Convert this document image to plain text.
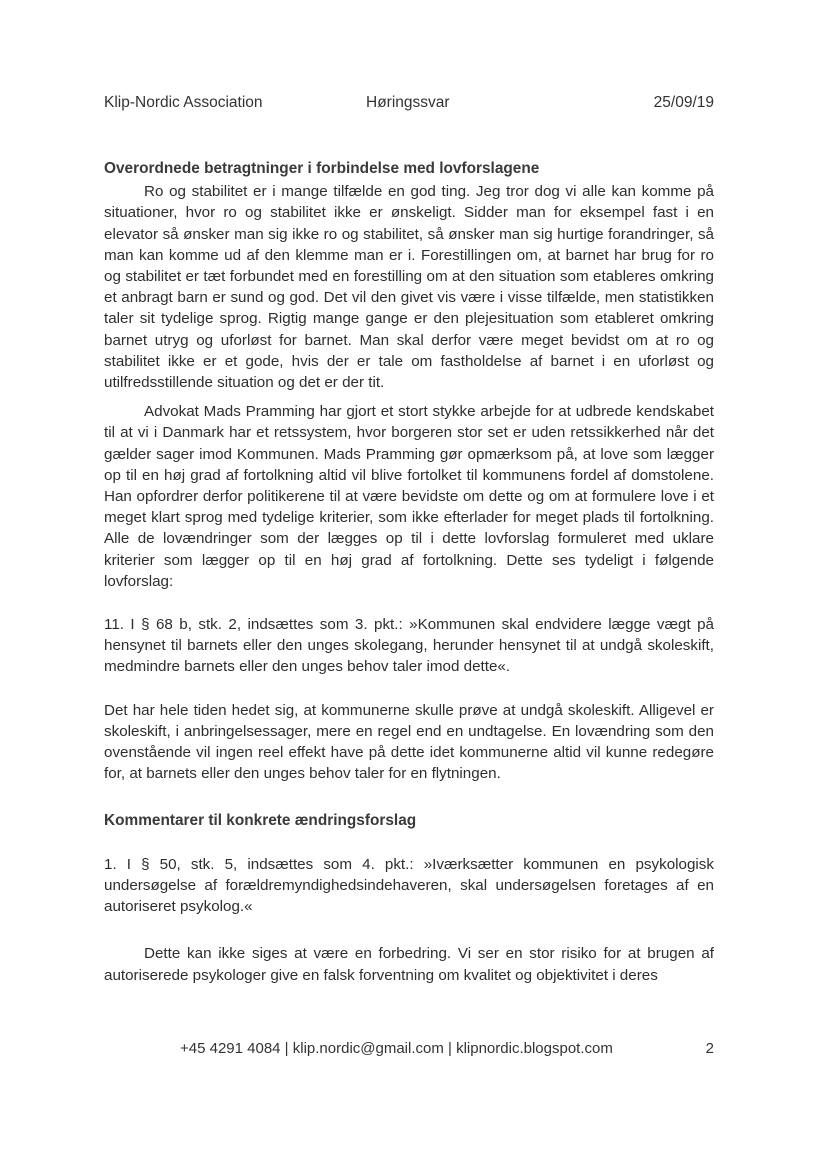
Klip-Nordic Association	Høringssvar	25/09/19
Overordnede betragtninger i forbindelse med lovforslagene

Ro og stabilitet er i mange tilfælde en god ting. Jeg tror dog vi alle kan komme på situationer, hvor ro og stabilitet ikke er ønskeligt. Sidder man for eksempel fast i en elevator så ønsker man sig ikke ro og stabilitet, så ønsker man sig hurtige forandringer, så man kan komme ud af den klemme man er i. Forestillingen om, at barnet har brug for ro og stabilitet er tæt forbundet med en forestilling om at den situation som etableres omkring et anbragt barn er sund og god. Det vil den givet vis være i visse tilfælde, men statistikken taler sit tydelige sprog. Rigtig mange gange er den plejesituation som etableret omkring barnet utryg og uforløst for barnet. Man skal derfor være meget bevidst om at ro og stabilitet ikke er et gode, hvis der er tale om fastholdelse af barnet i en uforløst og utilfredsstillende situation og det er der tit.

Advokat Mads Pramming har gjort et stort stykke arbejde for at udbrede kendskabet til at vi i Danmark har et retssystem, hvor borgeren stor set er uden retssikkerhed når det gælder sager imod Kommunen. Mads Pramming gør opmærksom på, at love som lægger op til en høj grad af fortolkning altid vil blive fortolket til kommunens fordel af domstolene. Han opfordrer derfor politikerene til at være bevidste om dette og om at formulere love i et meget klart sprog med tydelige kriterier, som ikke efterlader for meget plads til fortolkning. Alle de lovændringer som der lægges op til i dette lovforslag formuleret med uklare kriterier som lægger op til en høj grad af fortolkning. Dette ses tydeligt i følgende lovforslag:

11. I § 68 b, stk. 2, indsættes som 3. pkt.: »Kommunen skal endvidere lægge vægt på hensynet til barnets eller den unges skolegang, herunder hensynet til at undgå skoleskift, medmindre barnets eller den unges behov taler imod dette«.

Det har hele tiden hedet sig, at kommunerne skulle prøve at undgå skoleskift. Alligevel er skoleskift, i anbringelsessager, mere en regel end en undtagelse. En lovændring som den ovenstående vil ingen reel effekt have på dette idet kommunerne altid vil kunne redegøre for, at barnets eller den unges behov taler for en flytningen.

Kommentarer til konkrete ændringsforslag

1. I § 50, stk. 5, indsættes som 4. pkt.: »Iværksætter kommunen en psykologisk undersøgelse af forældremyndighedsindehaveren, skal undersøgelsen foretages af en autoriseret psykolog.«

Dette kan ikke siges at være en forbedring. Vi ser en stor risiko for at brugen af autoriserede psykologer give en falsk forventning om kvalitet og objektivitet i deres

+45 4291 4084 | klip.nordic@gmail.com | klipnordic.blogspot.com	2
